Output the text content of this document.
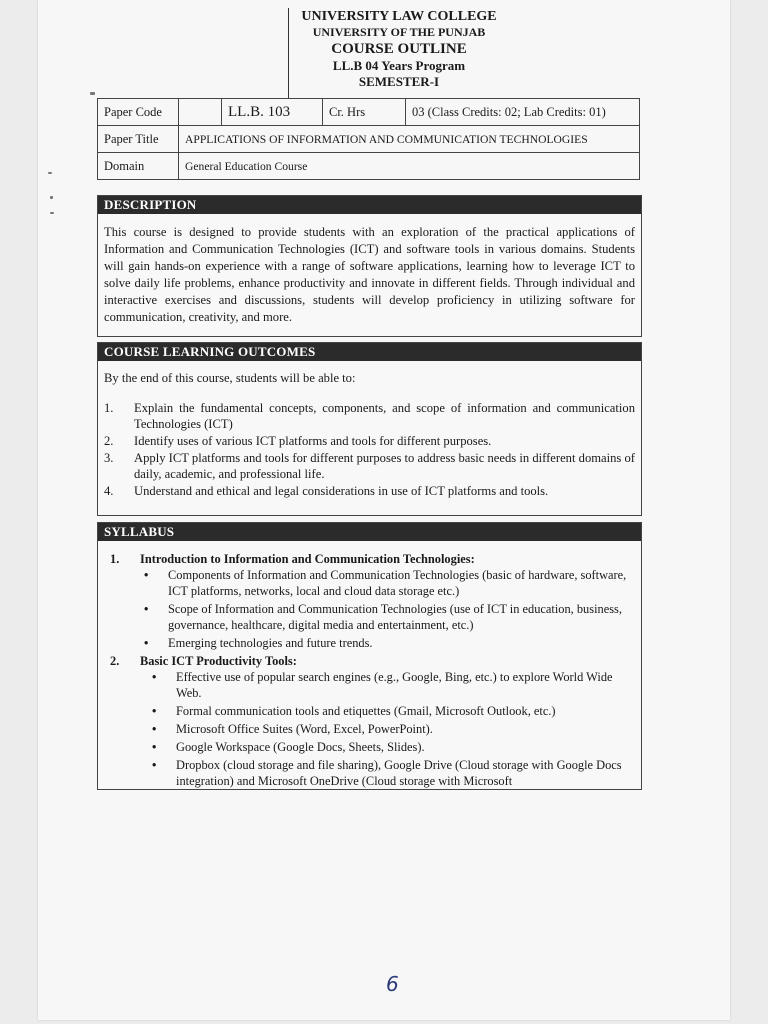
UNIVERSITY LAW COLLEGE
UNIVERSITY OF THE PUNJAB
COURSE OUTLINE
LL.B 04 Years Program
SEMESTER-I
Paper Code		LL.B. 103	Cr. Hrs	03 (Class Credits: 02; Lab Credits: 01)
Paper Title	APPLICATIONS OF INFORMATION AND COMMUNICATION TECHNOLOGIES			
Domain	General Education Course			
DESCRIPTION
This course is designed to provide students with an exploration of the practical applications of Information and Communication Technologies (ICT) and software tools in various domains. Students will gain hands-on experience with a range of software applications, learning how to leverage ICT to solve daily life problems, enhance productivity and innovate in different fields. Through individual and interactive exercises and discussions, students will develop proficiency in utilizing software for communication, creativity, and more.
COURSE LEARNING OUTCOMES
By the end of this course, students will be able to:
1. Explain the fundamental concepts, components, and scope of information and communication Technologies (ICT)
2. Identify uses of various ICT platforms and tools for different purposes.
3. Apply ICT platforms and tools for different purposes to address basic needs in different domains of daily, academic, and professional life.
4. Understand and ethical and legal considerations in use of ICT platforms and tools.
SYLLABUS
1. Introduction to Information and Communication Technologies:
• Components of Information and Communication Technologies (basic of hardware, software, ICT platforms, networks, local and cloud data storage etc.)
• Scope of Information and Communication Technologies (use of ICT in education, business, governance, healthcare, digital media and entertainment, etc.)
• Emerging technologies and future trends.
2. Basic ICT Productivity Tools:
• Effective use of popular search engines (e.g., Google, Bing, etc.) to explore World Wide Web.
• Formal communication tools and etiquettes (Gmail, Microsoft Outlook, etc.)
• Microsoft Office Suites (Word, Excel, PowerPoint).
• Google Workspace (Google Docs, Sheets, Slides).
• Dropbox (cloud storage and file sharing), Google Drive (Cloud storage with Google Docs integration) and Microsoft OneDrive (Cloud storage with Microsoft
6
